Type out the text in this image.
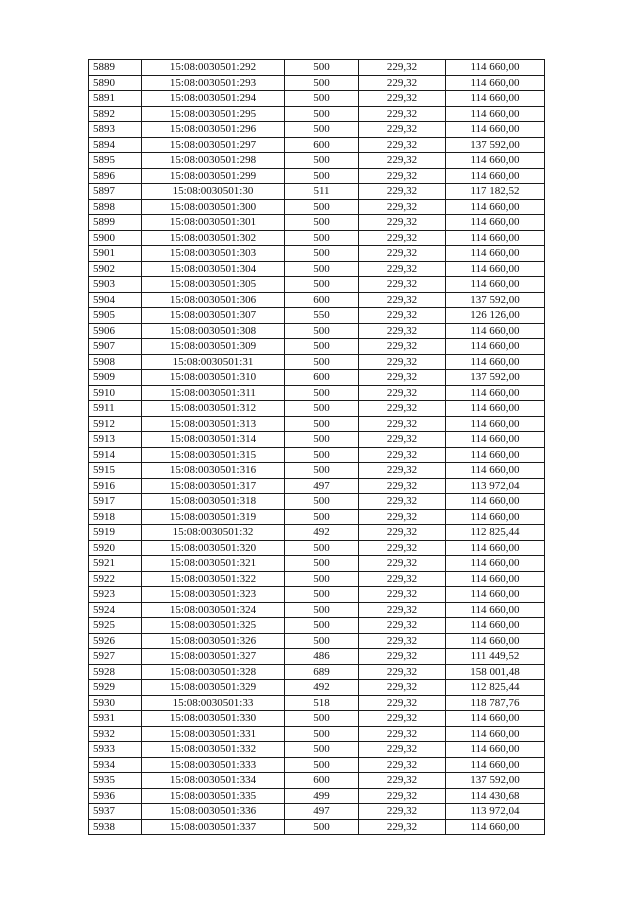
5889	15:08:0030501:292	500	229,32	114 660,00
5890	15:08:0030501:293	500	229,32	114 660,00
5891	15:08:0030501:294	500	229,32	114 660,00
5892	15:08:0030501:295	500	229,32	114 660,00
5893	15:08:0030501:296	500	229,32	114 660,00
5894	15:08:0030501:297	600	229,32	137 592,00
5895	15:08:0030501:298	500	229,32	114 660,00
5896	15:08:0030501:299	500	229,32	114 660,00
5897	15:08:0030501:30	511	229,32	117 182,52
5898	15:08:0030501:300	500	229,32	114 660,00
5899	15:08:0030501:301	500	229,32	114 660,00
5900	15:08:0030501:302	500	229,32	114 660,00
5901	15:08:0030501:303	500	229,32	114 660,00
5902	15:08:0030501:304	500	229,32	114 660,00
5903	15:08:0030501:305	500	229,32	114 660,00
5904	15:08:0030501:306	600	229,32	137 592,00
5905	15:08:0030501:307	550	229,32	126 126,00
5906	15:08:0030501:308	500	229,32	114 660,00
5907	15:08:0030501:309	500	229,32	114 660,00
5908	15:08:0030501:31	500	229,32	114 660,00
5909	15:08:0030501:310	600	229,32	137 592,00
5910	15:08:0030501:311	500	229,32	114 660,00
5911	15:08:0030501:312	500	229,32	114 660,00
5912	15:08:0030501:313	500	229,32	114 660,00
5913	15:08:0030501:314	500	229,32	114 660,00
5914	15:08:0030501:315	500	229,32	114 660,00
5915	15:08:0030501:316	500	229,32	114 660,00
5916	15:08:0030501:317	497	229,32	113 972,04
5917	15:08:0030501:318	500	229,32	114 660,00
5918	15:08:0030501:319	500	229,32	114 660,00
5919	15:08:0030501:32	492	229,32	112 825,44
5920	15:08:0030501:320	500	229,32	114 660,00
5921	15:08:0030501:321	500	229,32	114 660,00
5922	15:08:0030501:322	500	229,32	114 660,00
5923	15:08:0030501:323	500	229,32	114 660,00
5924	15:08:0030501:324	500	229,32	114 660,00
5925	15:08:0030501:325	500	229,32	114 660,00
5926	15:08:0030501:326	500	229,32	114 660,00
5927	15:08:0030501:327	486	229,32	111 449,52
5928	15:08:0030501:328	689	229,32	158 001,48
5929	15:08:0030501:329	492	229,32	112 825,44
5930	15:08:0030501:33	518	229,32	118 787,76
5931	15:08:0030501:330	500	229,32	114 660,00
5932	15:08:0030501:331	500	229,32	114 660,00
5933	15:08:0030501:332	500	229,32	114 660,00
5934	15:08:0030501:333	500	229,32	114 660,00
5935	15:08:0030501:334	600	229,32	137 592,00
5936	15:08:0030501:335	499	229,32	114 430,68
5937	15:08:0030501:336	497	229,32	113 972,04
5938	15:08:0030501:337	500	229,32	114 660,00
